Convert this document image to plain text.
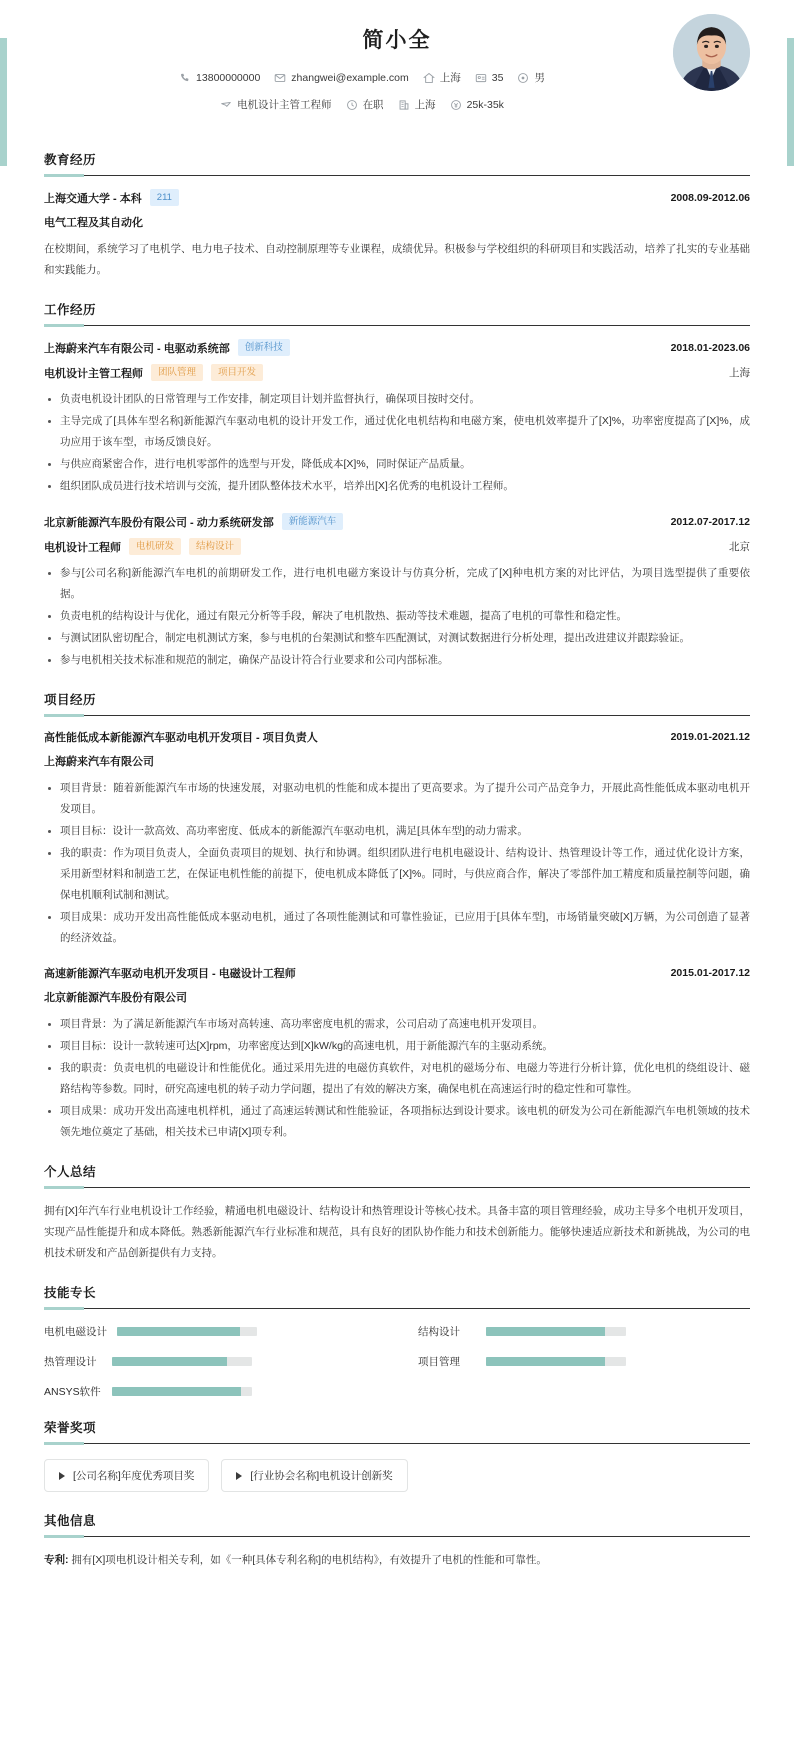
简小全
13800000000	zhangwei@example.com	上海	35	男
电机设计主管工程师	在职	上海	25k-35k
教育经历
上海交通大学 - 本科	211	2008.09-2012.06
电气工程及其自动化
在校期间，系统学习了电机学、电力电子技术、自动控制原理等专业课程，成绩优异。积极参与学校组织的科研项目和实践活动，培养了扎实的专业基础和实践能力。
工作经历
上海蔚来汽车有限公司 - 电驱动系统部	创新科技	2018.01-2023.06
电机设计主管工程师	团队管理	项目开发	上海
负责电机设计团队的日常管理与工作安排，制定项目计划并监督执行，确保项目按时交付。
主导完成了[具体车型名称]新能源汽车驱动电机的设计开发工作，通过优化电机结构和电磁方案，使电机效率提升了[X]%，功率密度提高了[X]%，成功应用于该车型，市场反馈良好。
与供应商紧密合作，进行电机零部件的选型与开发，降低成本[X]%，同时保证产品质量。
组织团队成员进行技术培训与交流，提升团队整体技术水平，培养出[X]名优秀的电机设计工程师。
北京新能源汽车股份有限公司 - 动力系统研发部	新能源汽车	2012.07-2017.12
电机设计工程师	电机研发	结构设计	北京
参与[公司名称]新能源汽车电机的前期研发工作，进行电机电磁方案设计与仿真分析，完成了[X]种电机方案的对比评估，为项目选型提供了重要依据。
负责电机的结构设计与优化，通过有限元分析等手段，解决了电机散热、振动等技术难题，提高了电机的可靠性和稳定性。
与测试团队密切配合，制定电机测试方案，参与电机的台架测试和整车匹配测试，对测试数据进行分析处理，提出改进建议并跟踪验证。
参与电机相关技术标准和规范的制定，确保产品设计符合行业要求和公司内部标准。
项目经历
高性能低成本新能源汽车驱动电机开发项目 - 项目负责人	2019.01-2021.12
上海蔚来汽车有限公司
项目背景：随着新能源汽车市场的快速发展，对驱动电机的性能和成本提出了更高要求。为了提升公司产品竞争力，开展此高性能低成本驱动电机开发项目。
项目目标：设计一款高效、高功率密度、低成本的新能源汽车驱动电机，满足[具体车型]的动力需求。
我的职责：作为项目负责人，全面负责项目的规划、执行和协调。组织团队进行电机电磁设计、结构设计、热管理设计等工作，通过优化设计方案，采用新型材料和制造工艺，在保证电机性能的前提下，使电机成本降低了[X]%。同时，与供应商合作，解决了零部件加工精度和质量控制等问题，确保电机顺利试制和测试。
项目成果：成功开发出高性能低成本驱动电机，通过了各项性能测试和可靠性验证，已应用于[具体车型]，市场销量突破[X]万辆，为公司创造了显著的经济效益。
高速新能源汽车驱动电机开发项目 - 电磁设计工程师	2015.01-2017.12
北京新能源汽车股份有限公司
项目背景：为了满足新能源汽车市场对高转速、高功率密度电机的需求，公司启动了高速电机开发项目。
项目目标：设计一款转速可达[X]rpm，功率密度达到[X]kW/kg的高速电机，用于新能源汽车的主驱动系统。
我的职责：负责电机的电磁设计和性能优化。通过采用先进的电磁仿真软件，对电机的磁场分布、电磁力等进行分析计算，优化电机的绕组设计、磁路结构等参数。同时，研究高速电机的转子动力学问题，提出了有效的解决方案，确保电机在高速运行时的稳定性和可靠性。
项目成果：成功开发出高速电机样机，通过了高速运转测试和性能验证，各项指标达到设计要求。该电机的研发为公司在新能源汽车电机领域的技术领先地位奠定了基础，相关技术已申请[X]项专利。
个人总结
拥有[X]年汽车行业电机设计工作经验，精通电机电磁设计、结构设计和热管理设计等核心技术。具备丰富的项目管理经验，成功主导多个电机开发项目，实现产品性能提升和成本降低。熟悉新能源汽车行业标准和规范，具有良好的团队协作能力和技术创新能力。能够快速适应新技术和新挑战，为公司的电机技术研发和产品创新提供有力支持。
技能专长
电机电磁设计	结构设计
热管理设计	项目管理
ANSYS软件
荣誉奖项
[公司名称]年度优秀项目奖	[行业协会名称]电机设计创新奖
其他信息
专利: 拥有[X]项电机设计相关专利，如《一种[具体专利名称]的电机结构》，有效提升了电机的性能和可靠性。
